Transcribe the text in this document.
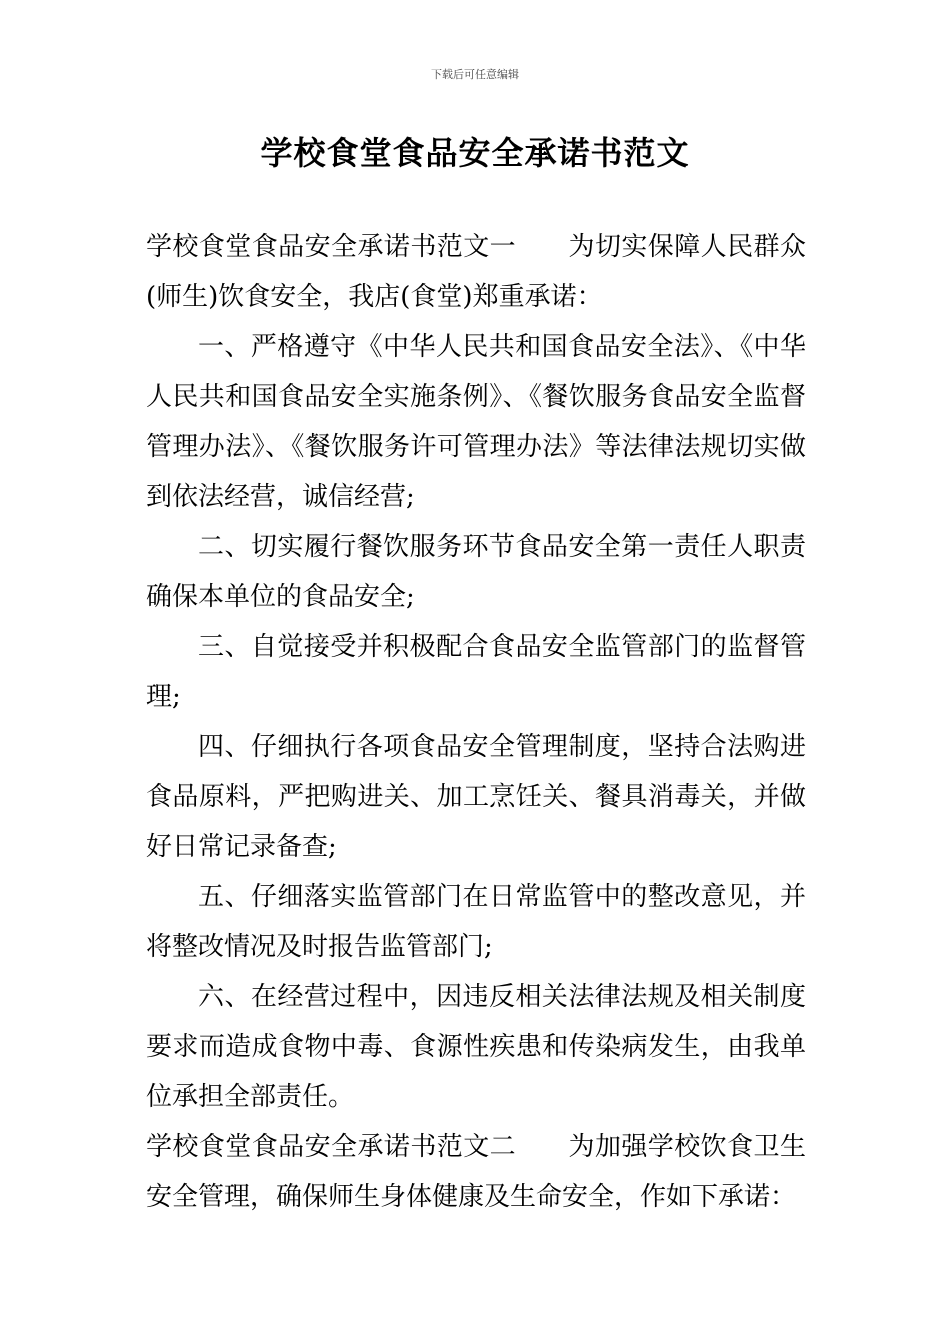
下载后可任意编辑
学校食堂食品安全承诺书范文

学校食堂食品安全承诺书范文一 为切实保障人民群众(师生)饮食安全，我店(食堂)郑重承诺：

一、严格遵守《中华人民共和国食品安全法》、《中华人民共和国食品安全实施条例》、《餐饮服务食品安全监督管理办法》、《餐饮服务许可管理办法》等法律法规切实做到依法经营，诚信经营;

二、切实履行餐饮服务环节食品安全第一责任人职责确保本单位的食品安全;

三、自觉接受并积极配合食品安全监管部门的监督管理;

四、仔细执行各项食品安全管理制度，坚持合法购进食品原料，严把购进关、加工烹饪关、餐具消毒关，并做好日常记录备查;

五、仔细落实监管部门在日常监管中的整改意见，并将整改情况及时报告监管部门;

六、在经营过程中，因违反相关法律法规及相关制度要求而造成食物中毒、食源性疾患和传染病发生，由我单位承担全部责任。

学校食堂食品安全承诺书范文二 为加强学校饮食卫生安全管理，确保师生身体健康及生命安全，作如下承诺：
